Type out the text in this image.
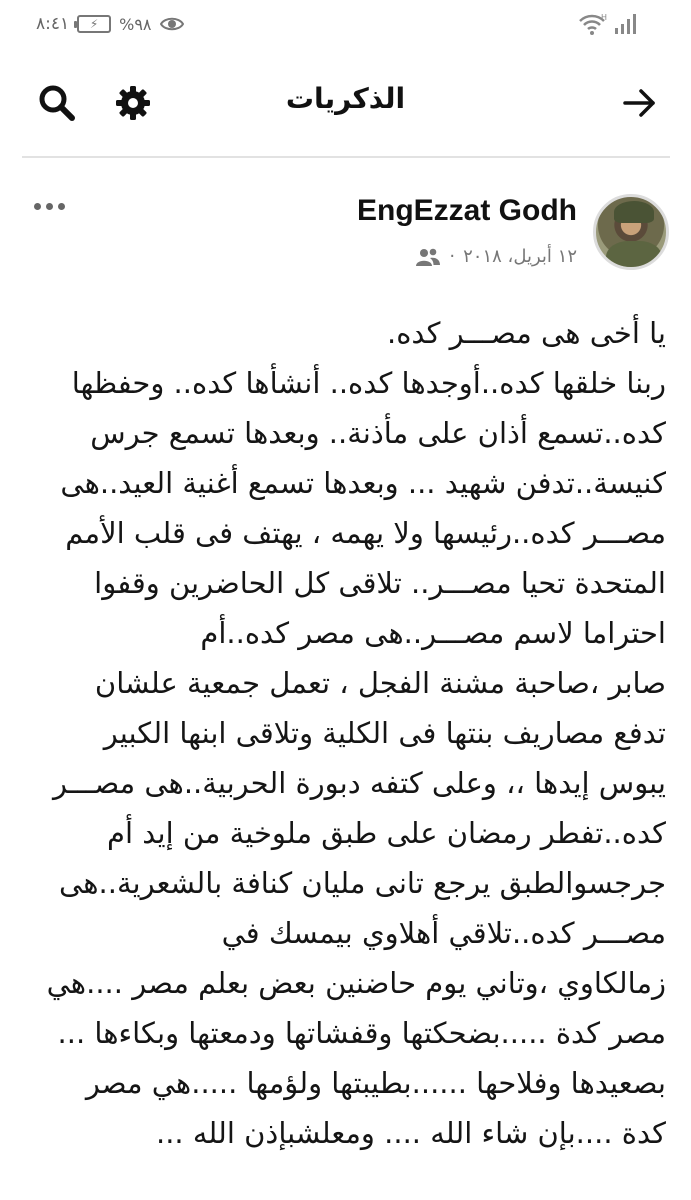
٨:٤١ ⚡ %٩٨	H
الذكريات
EngEzzat Godh
١٢ أبريل، ٢٠١٨
·
يا أخى هى مصـــر كده.
ربنا خلقها كده..أوجدها كده.. أنشأها كده.. وحفظها
كده..تسمع أذان على مأذنة.. وبعدها تسمع جرس
كنيسة..تدفن شهيد ... وبعدها تسمع أغنية العيد..هى
مصـــر كده..رئيسها ولا يهمه ، يهتف فى قلب الأمم
المتحدة تحيا مصـــر.. تلاقى كل الحاضرين وقفوا
احتراما لاسم مصـــر..هى مصر كده..أم
صابر ،صاحبة مشنة الفجل ، تعمل جمعية علشان
تدفع مصاريف بنتها فى الكلية وتلاقى ابنها الكبير
يبوس إيدها ،، وعلى كتفه دبورة الحربية..هى مصـــر
كده..تفطر رمضان على طبق ملوخية من إيد أم
جرجسوالطبق يرجع تانى مليان كنافة بالشعرية..هى
مصـــر كده..تلاقي أهلاوي بيمسك في
زمالكاوي ،وتاني يوم حاضنين بعض بعلم مصر ....هي
مصر كدة .....بضحكتها وقفشاتها ودمعتها وبكاءها ...
بصعيدها وفلاحها ......بطيبتها ولؤمها .....هي مصر
كدة ....بإن شاء الله .... ومعلشبإذن الله ...
